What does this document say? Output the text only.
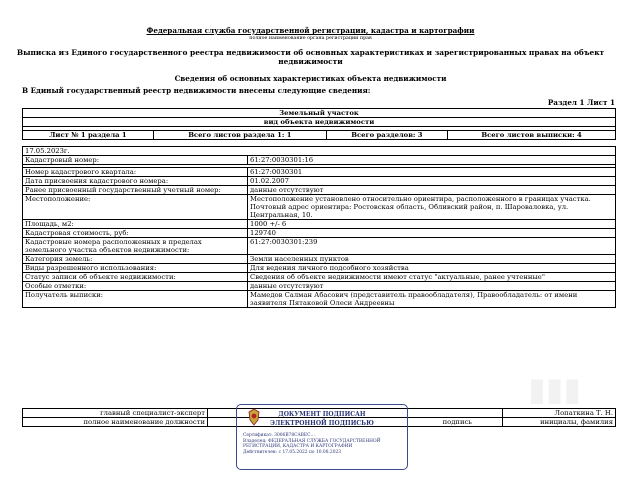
Федеральная служба государственной регистрации, кадастра и картографии
полное наименование органа регистрации прав
Выписка из Единого государственного реестра недвижимости об основных характеристиках и зарегистрированных правах на объект недвижимости
Сведения об основных характеристиках объекта недвижимости
В Единый государственный реестр недвижимости внесены следующие сведения:
Раздел 1 Лист 1
Земельный участок
вид объекта недвижимости

Лист № 1 раздела 1	Всего листов раздела 1: 1	Всего разделов: 3	Всего листов выписки: 4
17.05.2023г.	
Кадастровый номер:	61:27:0030301:16

Номер кадастрового квартала:	61:27:0030301
Дата присвоения кадастрового номера:	01.02.2007
Ранее присвоенный государственный учетный номер:	данные отсутствуют
Местоположение:	Местоположение установлено относительно ориентира, расположенного в границах участка. Почтовый адрес ориентира: Ростовская область, Обливский район, п. Шароваловка, ул. Центральная, 10.
Площадь, м2:	1000 +/- 6
Кадастровая стоимость, руб:	129740
Кадастровые номера расположенных в пределах земельного участка объектов недвижимости:	61:27:0030301:239
Категория земель:	Земли населенных пунктов
Виды разрешенного использования:	Для ведения личного подсобного хозяйства
Статус записи об объекте недвижимости:	Сведения об объекте недвижимости имеют статус "актуальные, ранее учтенные"
Особые отметки:	данные отсутствуют
Получатель выписки:	Мамедов Салман Абасович (представитель правообладателя), Правообладатель: от имени заявителя Пятаковой Олеси Андреевны
▮▮▮
главный специалист-эксперт		Лопаткина Т. Н.
полное наименование должности	подпись	инициалы, фамилия
ДОКУМЕНТ ПОДПИСАН
ЭЛЕКТРОННОЙ ПОДПИСЬЮ
Сертификат: 3006B78CABEC…
Владелец: ФЕДЕРАЛЬНАЯ СЛУЖБА ГОСУДАРСТВЕННОЙ
РЕГИСТРАЦИИ, КАДАСТРА И КАРТОГРАФИИ
Действителен: с 17.05.2022 по 10.08.2023
